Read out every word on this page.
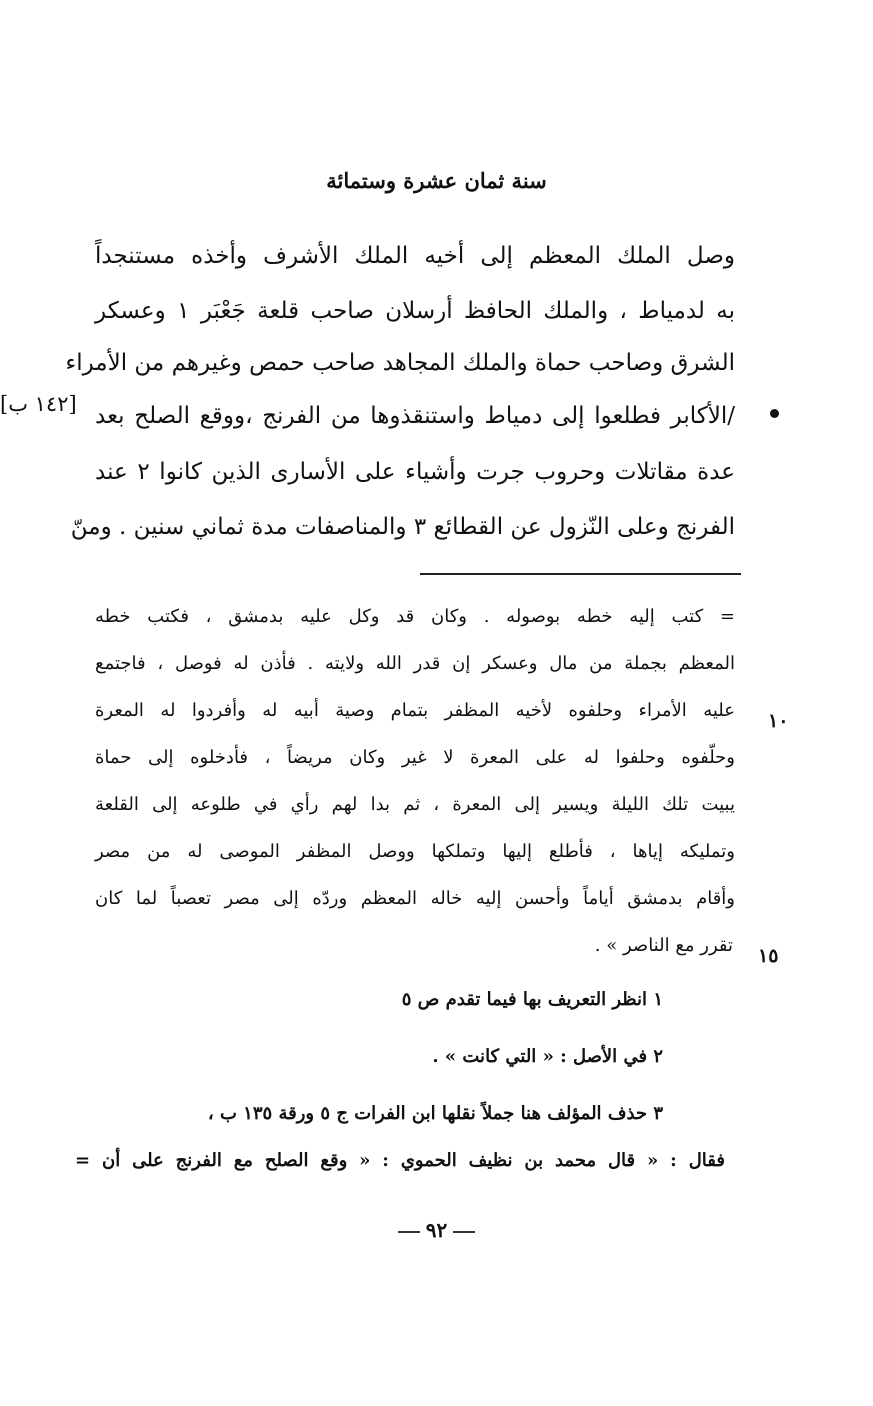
سنة ثمان عشرة وستمائة
وصل الملك المعظم إلى أخيه الملك الأشرف وأخذه مستنجداً
به لدمياط ، والملك الحافظ أرسلان صاحب قلعة جَعْبَر ١ وعسكر
الشرق وصاحب حماة والملك المجاهد صاحب حمص وغيرهم من الأمراء
/الأكابر فطلعوا إلى دمياط واستنقذوها من الفرنج ،ووقع الصلح بعد
عدة مقاتلات وحروب جرت وأشياء على الأسارى الذين كانوا ٢ عند
الفرنج وعلى النّزول عن القطائع ٣ والمناصفات مدة ثماني سنين . ومنّ
[١٤٢ ب]
= كتب إليه خطه بوصوله . وكان قد وكل عليه بدمشق ، فكتب خطه
المعظم بجملة من مال وعسكر إن قدر الله ولايته . فأذن له فوصل ، فاجتمع
عليه الأمراء وحلفوه لأخيه المظفر بتمام وصية أبيه له وأفردوا له المعرة
وحلّفوه وحلفوا له على المعرة لا غير وكان مريضاً ، فأدخلوه إلى حماة
يبيت تلك الليلة ويسير إلى المعرة ، ثم بدا لهم رأي في طلوعه إلى القلعة
وتمليكه إياها ، فأطلع إليها وتملكها ووصل المظفر الموصى له من مصر
وأقام بدمشق أياماً وأحسن إليه خاله المعظم وردّه إلى مصر تعصباً لما كان
تقرر مع الناصر » .
١٠
١٥
١ انظر التعريف بها فيما تقدم ص ٥
٢ في الأصل : « التي كانت » .
٣ حذف المؤلف هنا جملاً نقلها ابن الفرات ج ٥ ورقة ١٣٥ ب ،
فقال : « قال محمد بن نظيف الحموي : « وقع الصلح مع الفرنج على أن =
٩٢
